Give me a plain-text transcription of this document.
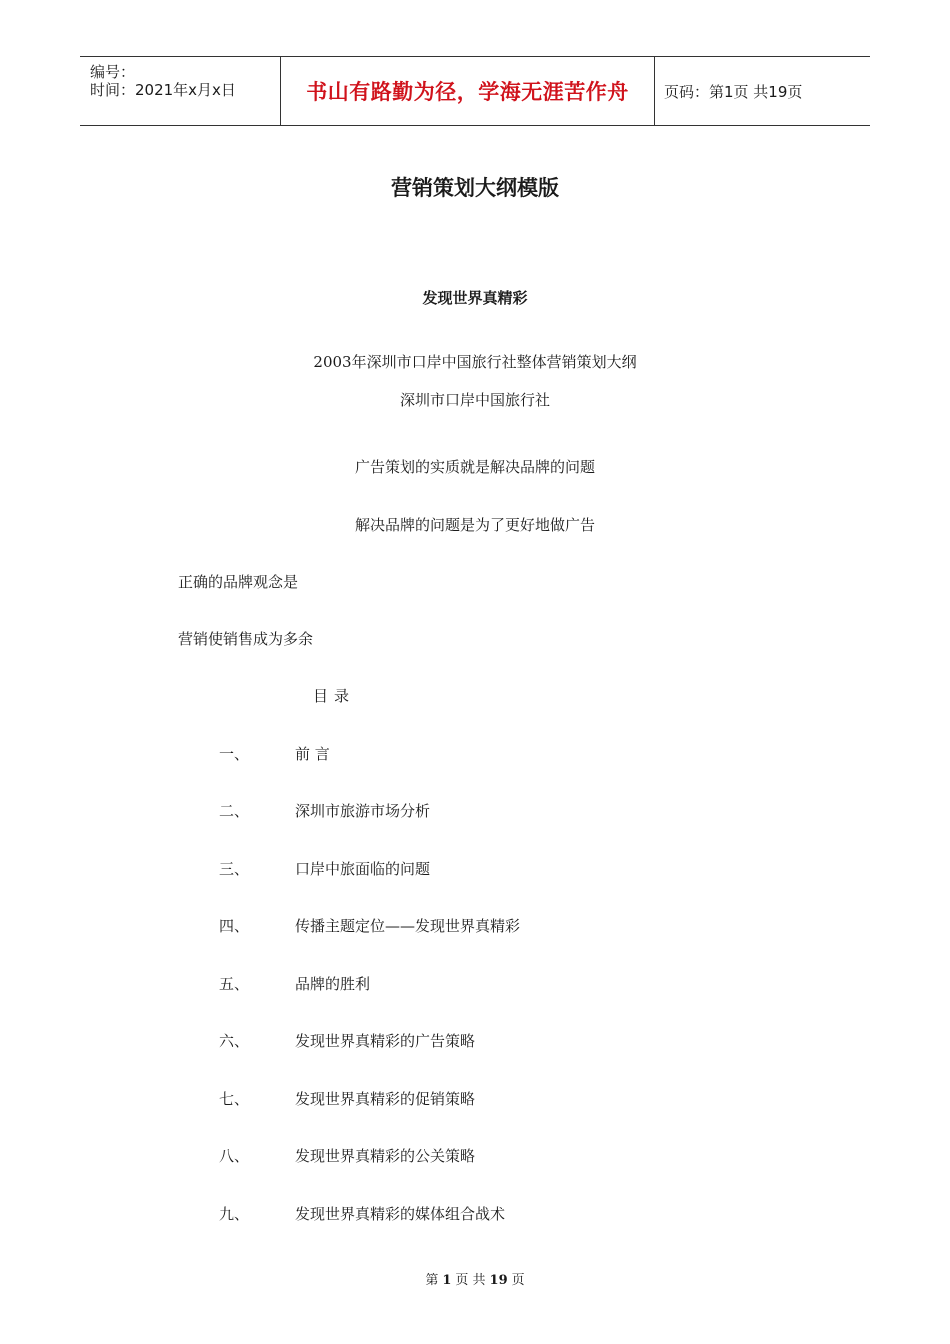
编号：
时间：2021年x月x日	书山有路勤为径，学海无涯苦作舟 页码：第1页 共19页
营销策划大纲模版
发现世界真精彩
2003年深圳市口岸中国旅行社整体营销策划大纲
深圳市口岸中国旅行社
广告策划的实质就是解决品牌的问题
解决品牌的问题是为了更好地做广告
正确的品牌观念是
营销使销售成为多余
目录
一、	前 言
二、	深圳市旅游市场分析
三、	口岸中旅面临的问题
四、	传播主题定位——发现世界真精彩
五、	品牌的胜利
六、	发现世界真精彩的广告策略
七、	发现世界真精彩的促销策略
八、	发现世界真精彩的公关策略
九、	发现世界真精彩的媒体组合战术
第 1 页 共 19 页
